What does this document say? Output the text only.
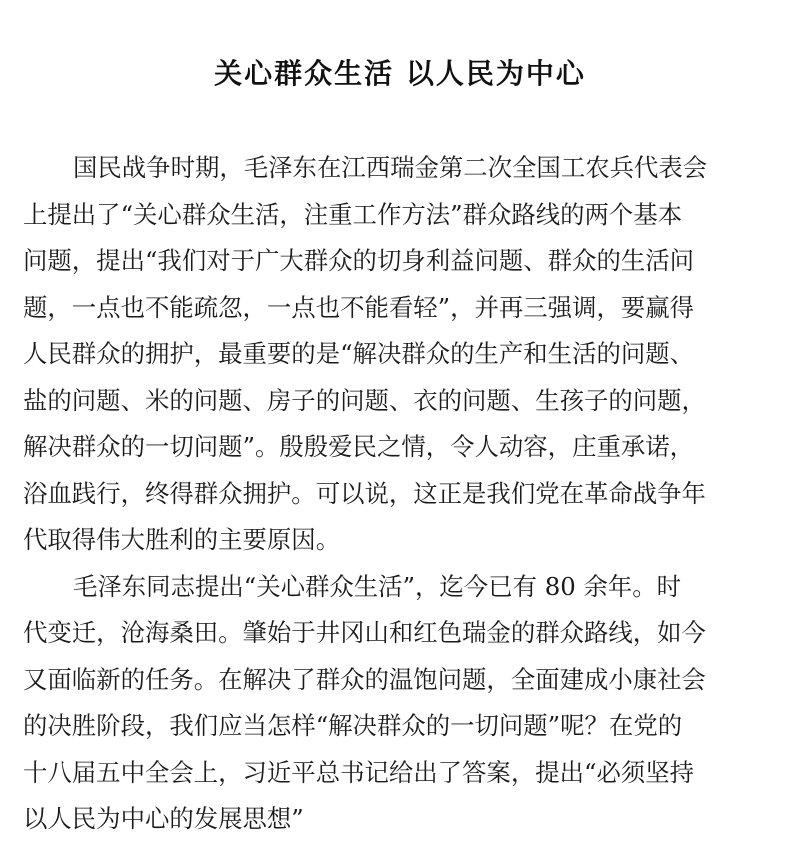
关心群众生活 以人民为中心
国民战争时期，毛泽东在江西瑞金第二次全国工农兵代表会
上提出了“关心群众生活，注重工作方法”群众路线的两个基本
问题，提出“我们对于广大群众的切身利益问题、群众的生活问
题，一点也不能疏忽，一点也不能看轻”，并再三强调，要赢得
人民群众的拥护，最重要的是“解决群众的生产和生活的问题、
盐的问题、米的问题、房子的问题、衣的问题、生孩子的问题，
解决群众的一切问题”。殷殷爱民之情，令人动容，庄重承诺，
浴血践行，终得群众拥护。可以说，这正是我们党在革命战争年
代取得伟大胜利的主要原因。
毛泽东同志提出“关心群众生活”，迄今已有 80 余年。时
代变迁，沧海桑田。肇始于井冈山和红色瑞金的群众路线，如今
又面临新的任务。在解决了群众的温饱问题，全面建成小康社会
的决胜阶段，我们应当怎样“解决群众的一切问题”呢？在党的
十八届五中全会上，习近平总书记给出了答案，提出“必须坚持
以人民为中心的发展思想”
